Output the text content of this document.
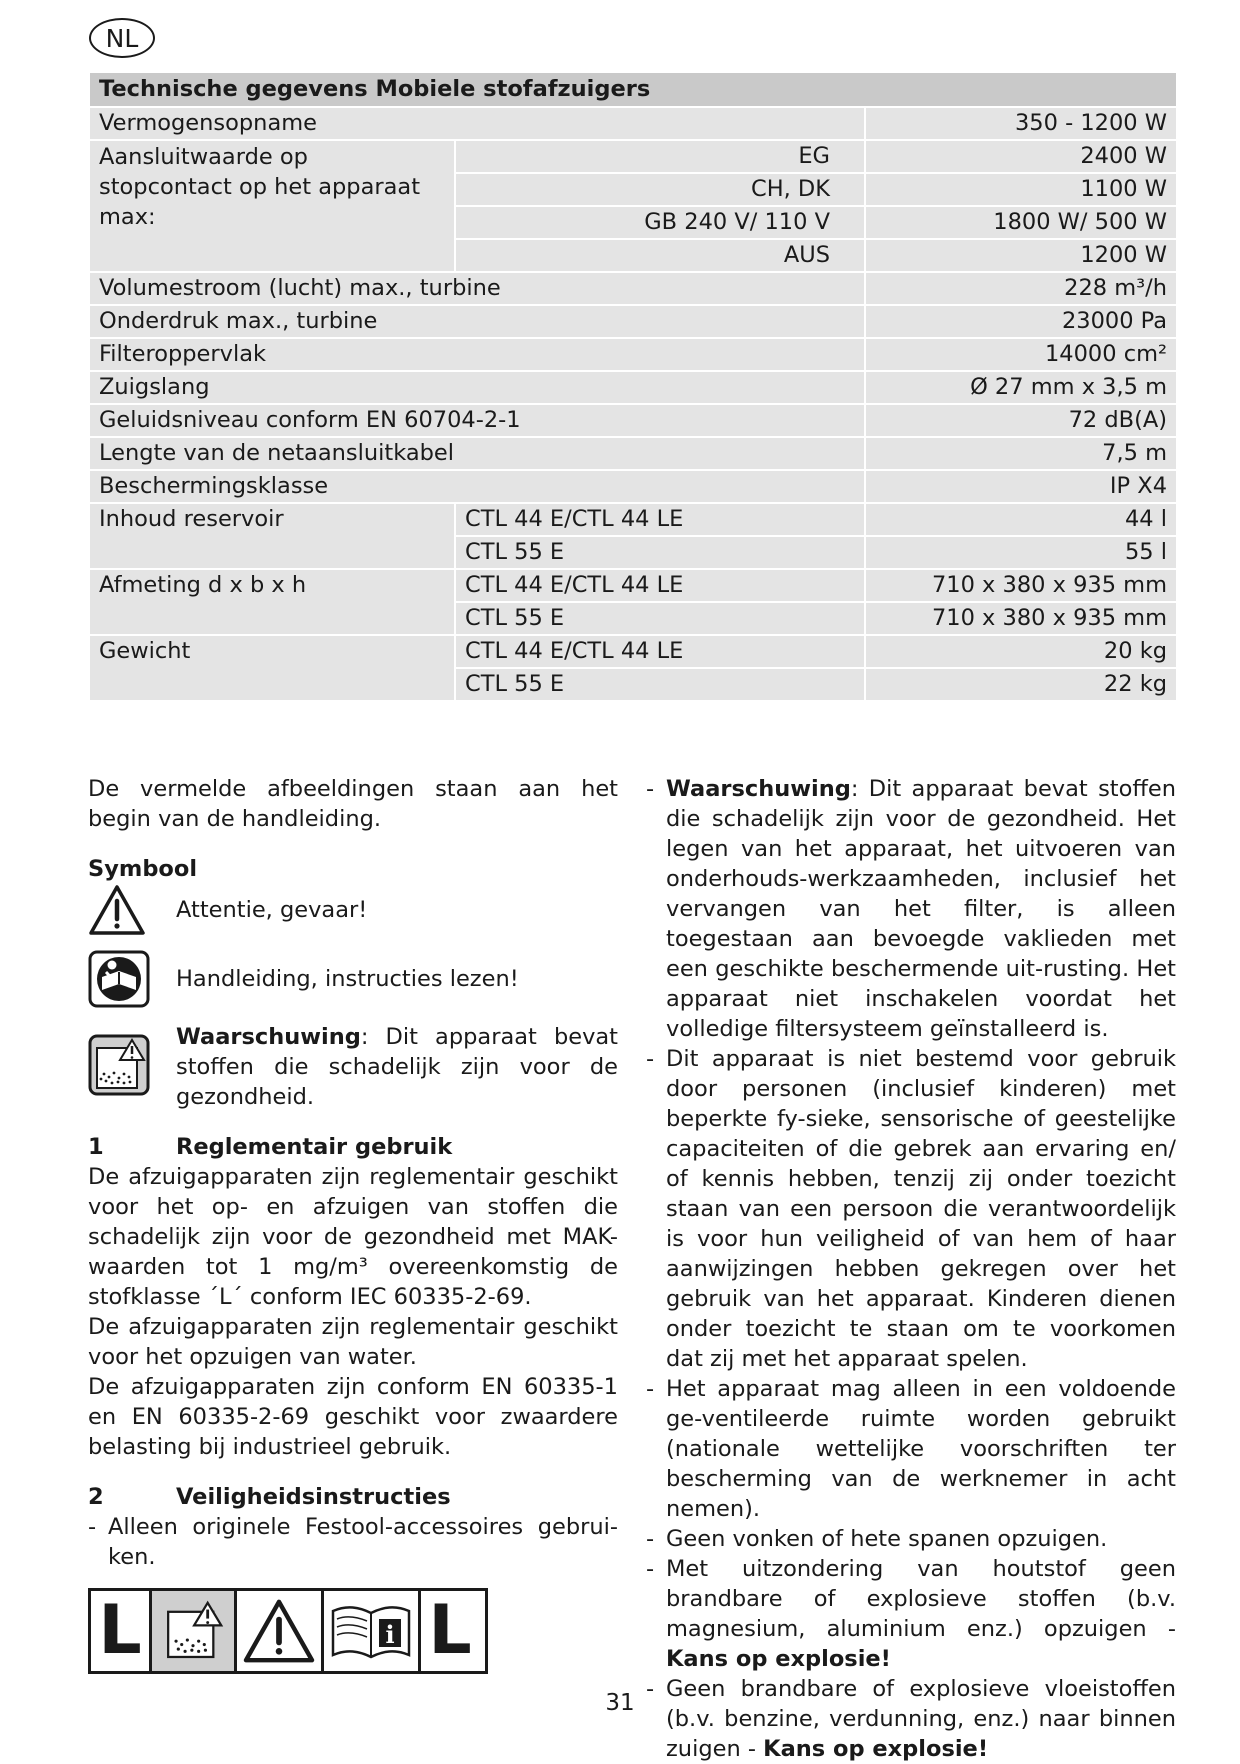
NL
Technische gegevens Mobiele stofafzuigers		
Vermogensopname		350 - 1200 W
Aansluitwaarde op stopcontact op het apparaat max:	EG	2400 W
	CH, DK	1100 W
	GB 240 V/ 110 V	1800 W/ 500 W
	AUS	1200 W
Volumestroom (lucht) max., turbine		228 m³/h
Onderdruk max., turbine		23000 Pa
Filteroppervlak		14000 cm²
Zuigslang		Ø 27 mm x 3,5 m
Geluidsniveau conform EN 60704-2-1		72 dB(A)
Lengte van de netaansluitkabel		7,5 m
Beschermingsklasse		IP X4
Inhoud reservoir	CTL 44 E/CTL 44 LE	44 l
	CTL 55 E	55 l
Afmeting d x b x h	CTL 44 E/CTL 44 LE	710 x 380 x 935 mm
	CTL 55 E	710 x 380 x 935 mm
Gewicht	CTL 44 E/CTL 44 LE	20 kg
	CTL 55 E	22 kg

De vermelde afbeeldingen staan aan het begin van de handleiding.

Symbool

Attentie, gevaar!
Handleiding, instructies lezen!
Waarschuwing: Dit apparaat bevat stoffen die schadelijk zijn voor de gezondheid.
1	Reglementair gebruik

De afzuigapparaten zijn reglementair geschikt voor het op- en afzuigen van stoffen die schadelijk zijn voor de gezondheid met MAK-waarden tot 1 mg/m³ overeenkomstig de stofklasse ´L´ conform IEC 60335-2-69.

De afzuigapparaten zijn reglementair geschikt voor het opzuigen van water.

De afzuigapparaten zijn conform EN 60335-1 en EN 60335-2-69 geschikt voor zwaardere belasting bij industrieel gebruik.

2	Veiligheidsinstructies
- Alleen originele Festool-accessoires gebrui-ken.
L	i L
- Waarschuwing: Dit apparaat bevat stoffen die schadelijk zijn voor de gezondheid. Het legen van het apparaat, het uitvoeren van onderhouds-werkzaamheden, inclusief het vervangen van het filter, is alleen toegestaan aan bevoegde vaklieden met een geschikte beschermende uit-rusting. Het apparaat niet inschakelen voordat het volledige filtersysteem geïnstalleerd is.
- Dit apparaat is niet bestemd voor gebruik door personen (inclusief kinderen) met beperkte fy-sieke, sensorische of geestelijke capaciteiten of die gebrek aan ervaring en/ of kennis hebben, tenzij zij onder toezicht staan van een persoon die verantwoordelijk is voor hun veiligheid of van hem of haar aanwijzingen hebben gekregen over het gebruik van het apparaat. Kinderen dienen onder toezicht te staan om te voorkomen dat zij met het apparaat spelen.
- Het apparaat mag alleen in een voldoende ge-ventileerde ruimte worden gebruikt (nationale wettelijke voorschriften ter bescherming van de werknemer in acht nemen).
- Geen vonken of hete spanen opzuigen.
- Met uitzondering van houtstof geen brandbare of explosieve stoffen (b.v. magnesium, aluminium enz.) opzuigen - Kans op explosie!
- Geen brandbare of explosieve vloeistoffen (b.v. benzine, verdunning, enz.) naar binnen zuigen - Kans op explosie!
31
